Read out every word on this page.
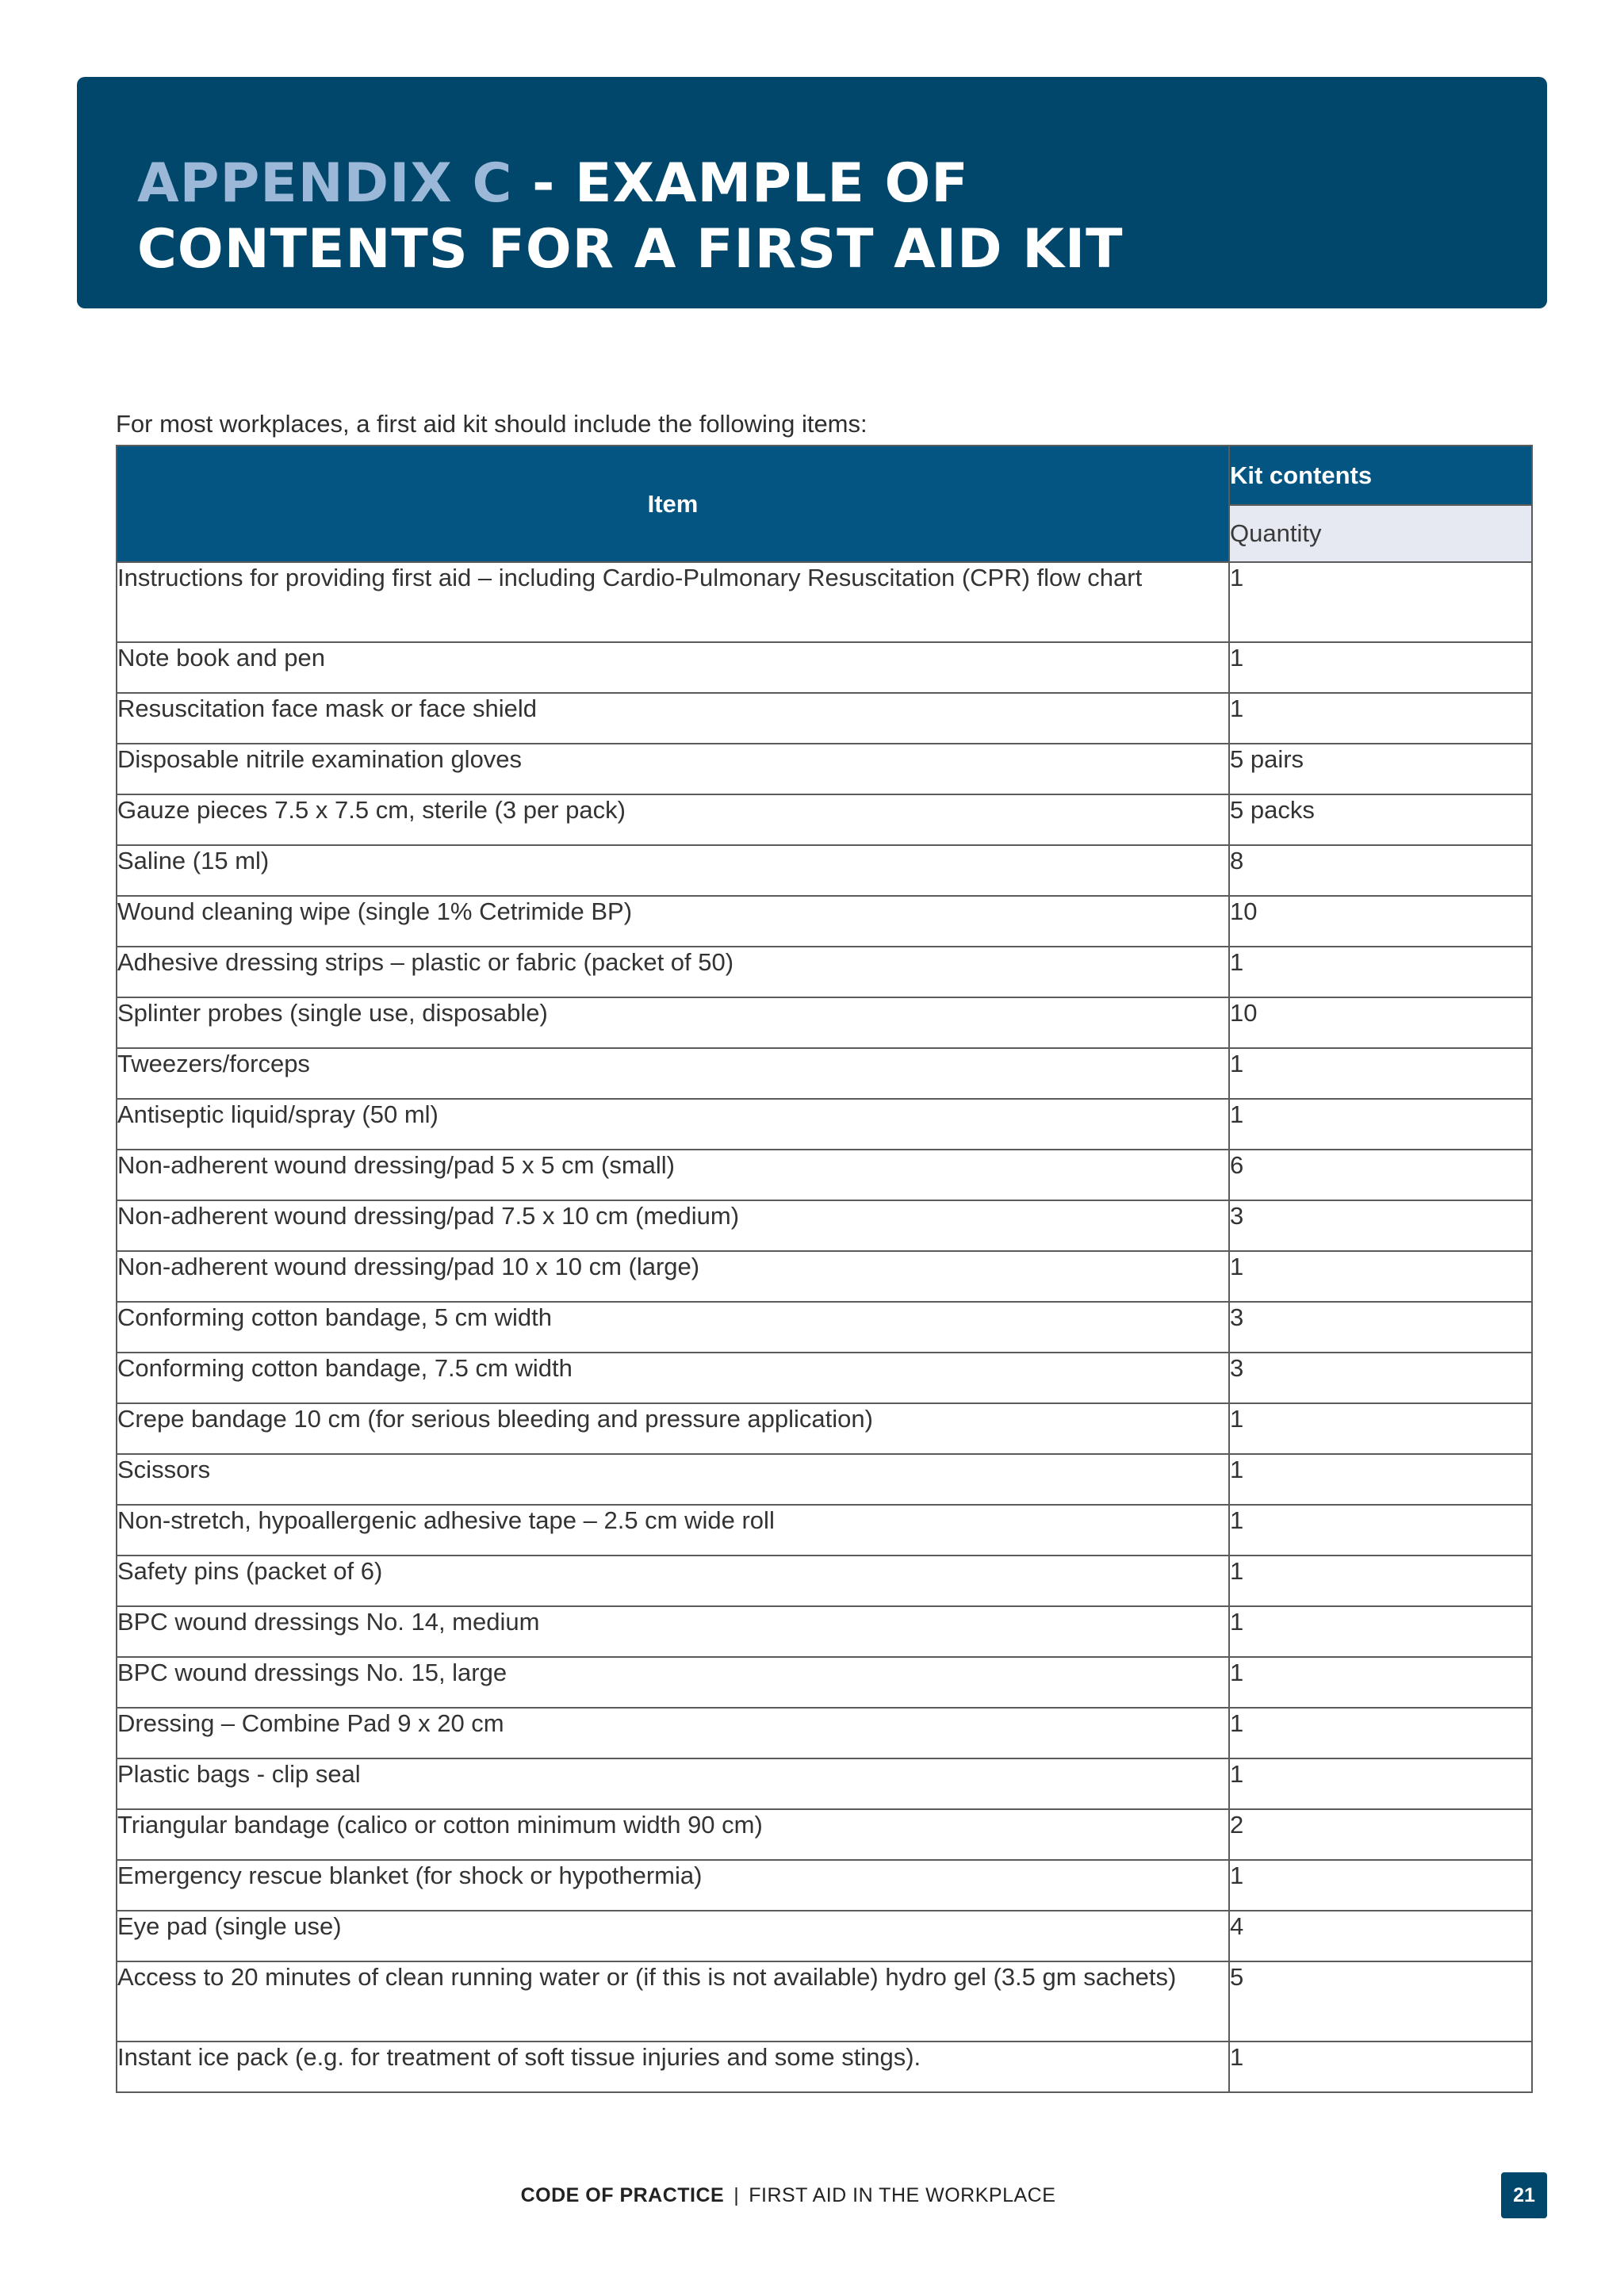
APPENDIX C - EXAMPLE OF
CONTENTS FOR A FIRST AID KIT
For most workplaces, a first aid kit should include the following items:
Item	Kit contents
	Quantity
Instructions for providing first aid – including Cardio-Pulmonary Resuscitation (CPR) flow chart	1
Note book and pen	1
Resuscitation face mask or face shield	1
Disposable nitrile examination gloves	5 pairs
Gauze pieces 7.5 x 7.5 cm, sterile (3 per pack)	5 packs
Saline (15 ml)	8
Wound cleaning wipe (single 1% Cetrimide BP)	10
Adhesive dressing strips – plastic or fabric (packet of 50)	1
Splinter probes (single use, disposable)	10
Tweezers/forceps	1
Antiseptic liquid/spray (50 ml)	1
Non-adherent wound dressing/pad 5 x 5 cm (small)	6
Non-adherent wound dressing/pad 7.5 x 10 cm (medium)	3
Non-adherent wound dressing/pad 10 x 10 cm (large)	1
Conforming cotton bandage, 5 cm width	3
Conforming cotton bandage, 7.5 cm width	3
Crepe bandage 10 cm (for serious bleeding and pressure application)	1
Scissors	1
Non-stretch, hypoallergenic adhesive tape – 2.5 cm wide roll	1
Safety pins (packet of 6)	1
BPC wound dressings No. 14, medium	1
BPC wound dressings No. 15, large	1
Dressing – Combine Pad 9 x 20 cm	1
Plastic bags - clip seal	1
Triangular bandage (calico or cotton minimum width 90 cm)	2
Emergency rescue blanket (for shock or hypothermia)	1
Eye pad (single use)	4
Access to 20 minutes of clean running water or (if this is not available) hydro gel (3.5 gm sachets)	5
Instant ice pack (e.g. for treatment of soft tissue injuries and some stings).	1
CODE OF PRACTICE | FIRST AID IN THE WORKPLACE	21
